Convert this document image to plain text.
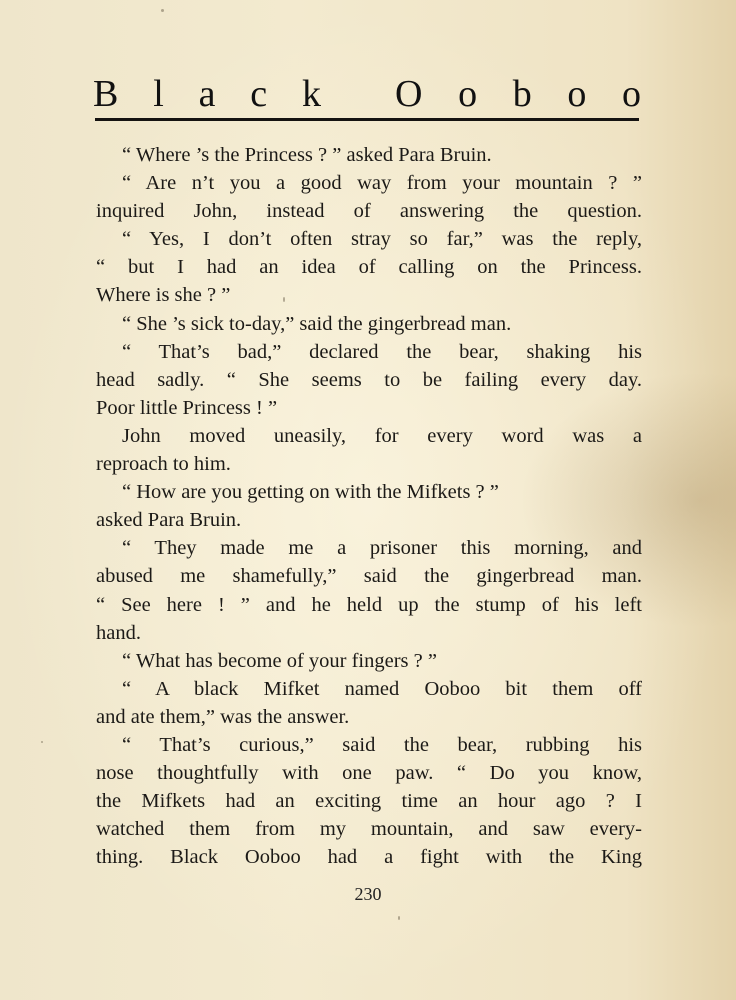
B l a c k O o b o o
“ Where ’s the Princess ? ” asked Para Bruin.
“ Are n’t you a good way from your mountain ? ”
inquired John, instead of answering the question.
“ Yes, I don’t often stray so far,” was the reply,
“ but I had an idea of calling on the Princess.
Where is she ? ”
“ She ’s sick to-day,” said the gingerbread man.
“ That’s bad,” declared the bear, shaking his
head sadly. “ She seems to be failing every day.
Poor little Princess ! ”
John moved uneasily, for every word was a
reproach to him.
“ How are you getting on with the Mifkets ? ”
asked Para Bruin.
“ They made me a prisoner this morning, and
abused me shamefully,” said the gingerbread man.
“ See here ! ” and he held up the stump of his left
hand.
“ What has become of your fingers ? ”
“ A black Mifket named Ooboo bit them off
and ate them,” was the answer.
“ That’s curious,” said the bear, rubbing his
nose thoughtfully with one paw. “ Do you know,
the Mifkets had an exciting time an hour ago ? I
watched them from my mountain, and saw every-
thing. Black Ooboo had a fight with the King
230
